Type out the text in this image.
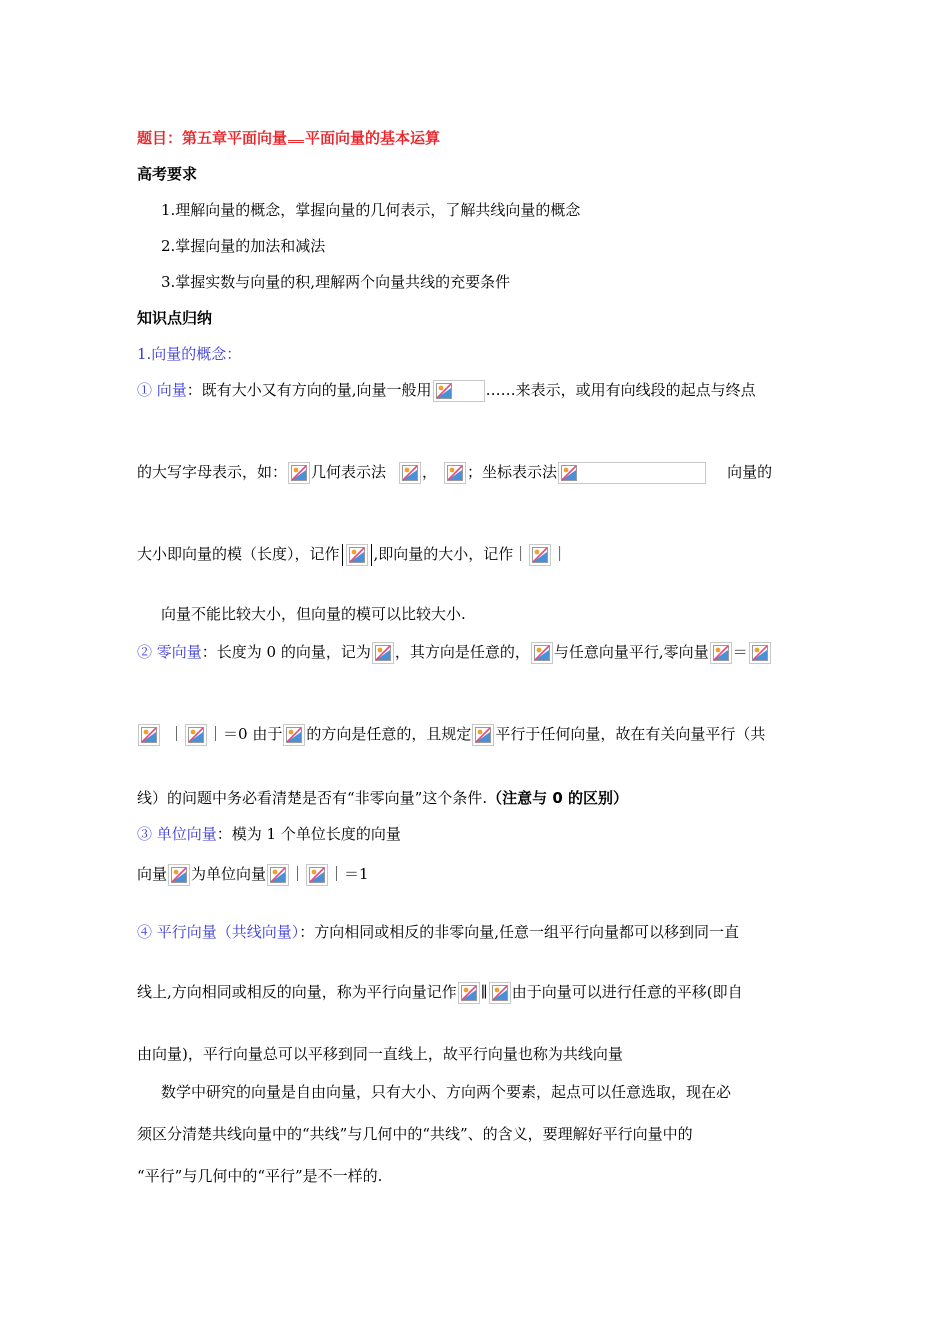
题目：第五章平面向量 平面向量的基本运算
高考要求
1.理解向量的概念，掌握向量的几何表示，了解共线向量的概念
2.掌握向量的加法和减法
3.掌握实数与向量的积,理解两个向量共线的充要条件
知识点归纳
1.向量的概念：
① 向量：既有大小又有方向的量,向量一般用	……来表示，或用有向线段的起点与终点
的大写字母表示，如： 几何表示法 ， ；坐标表示法	向量的
大小即向量的模（长度），记作 ,即向量的大小，记作｜ ｜
向量不能比较大小，但向量的模可以比较大小.
② 零向量：长度为 0 的向量，记为 ，其方向是任意的， 与任意向量平行,零向量 ＝
｜ ｜＝0 由于 的方向是任意的，且规定 平行于任何向量，故在有关向量平行（共
线）的问题中务必看清楚是否有“非零向量”这个条件.（注意与 0 的区别）
③ 单位向量：模为 1 个单位长度的向量
向量 为单位向量 ｜ ｜＝1
④ 平行向量（共线向量）：方向相同或相反的非零向量,任意一组平行向量都可以移到同一直
线上,方向相同或相反的向量，称为平行向量记作 ∥ 由于向量可以进行任意的平移(即自
由向量)，平行向量总可以平移到同一直线上，故平行向量也称为共线向量
数学中研究的向量是自由向量，只有大小、方向两个要素，起点可以任意选取，现在必
须区分清楚共线向量中的“共线”与几何中的“共线”、的含义，要理解好平行向量中的
“平行”与几何中的“平行”是不一样的.
